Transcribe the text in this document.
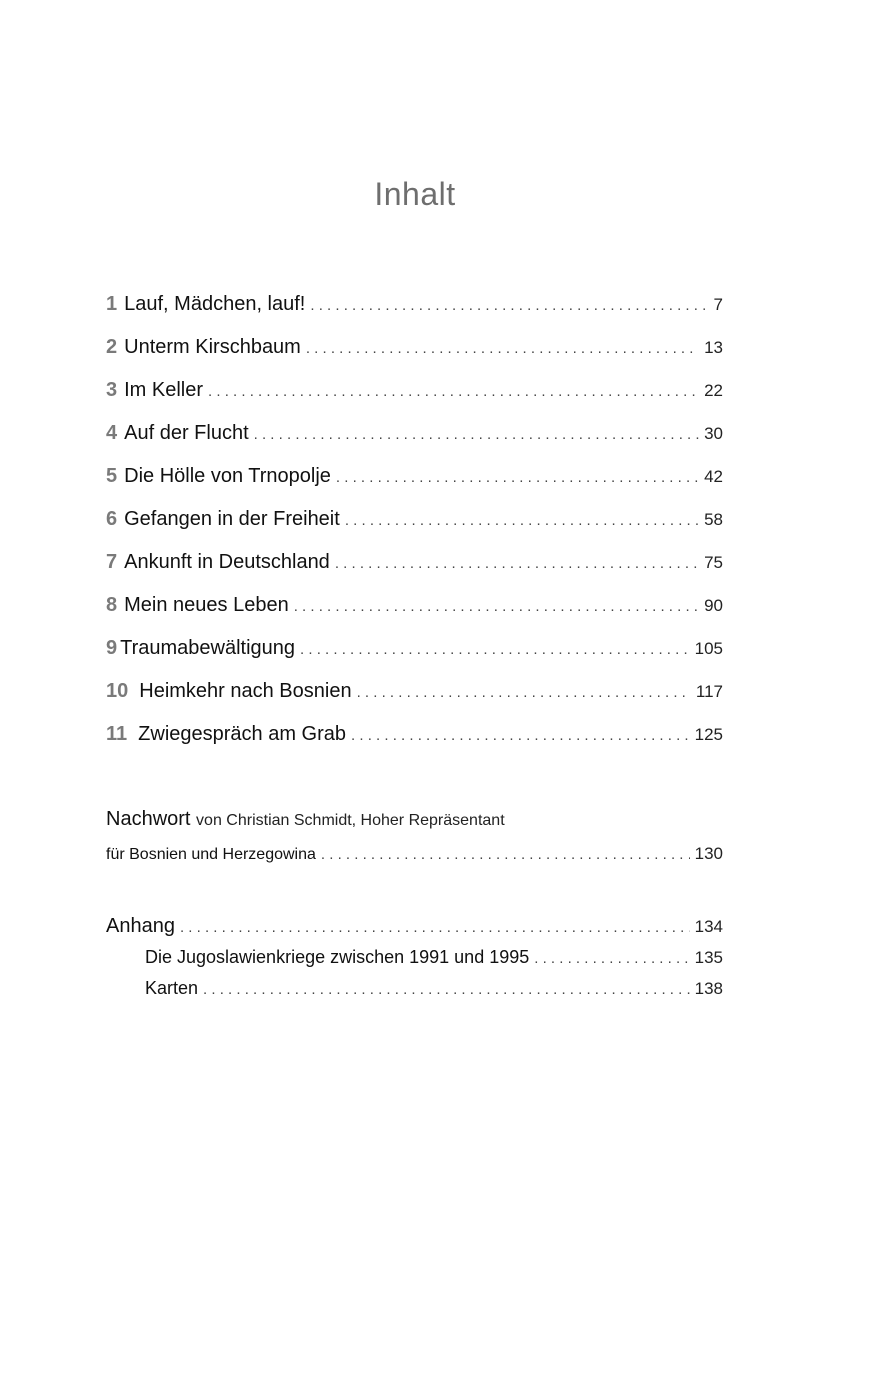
Inhalt
1 Lauf, Mädchen, lauf! . . .	7
2 Unterm Kirschbaum . . .	13
3 Im Keller . . .	22
4 Auf der Flucht . . .	30
5 Die Hölle von Trnopolje . . .	42
6 Gefangen in der Freiheit . . .	58
7 Ankunft in Deutschland . . .	75
8 Mein neues Leben . . .	90
9 Traumabewältigung . . .	105
10 Heimkehr nach Bosnien . . .	117
11 Zwiegespräch am Grab . . .	125
Nachwort von Christian Schmidt, Hoher Repräsentant
für Bosnien und Herzegowina . . .	130
Anhang . . .	134
Die Jugoslawienkriege zwischen 1991 und 1995 . . .	135
Karten . . .	138
